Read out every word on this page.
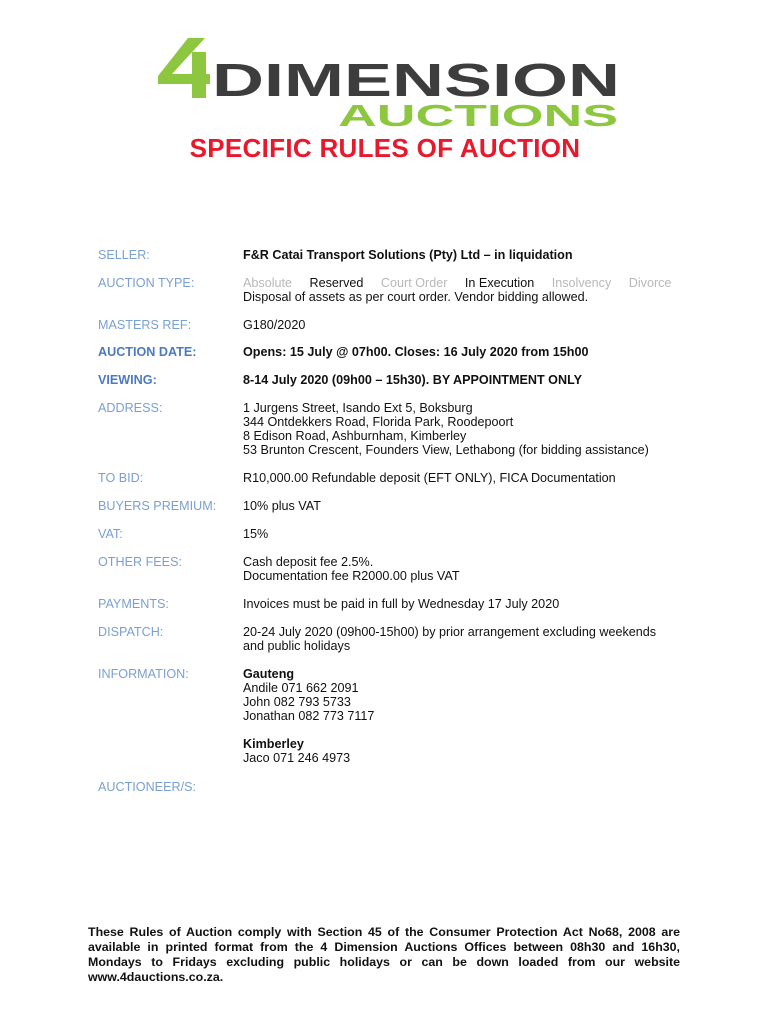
DIMENSION
AUCTIONS
SPECIFIC RULES OF AUCTION
SELLER:	F&R Catai Transport Solutions (Pty) Ltd – in liquidation
AUCTION TYPE:	Absolute Reserved Court Order In Execution Insolvency Divorce
Disposal of assets as per court order. Vendor bidding allowed.
MASTERS REF:	G180/2020
AUCTION DATE:	Opens: 15 July @ 07h00. Closes: 16 July 2020 from 15h00
VIEWING:	8-14 July 2020 (09h00 – 15h30). BY APPOINTMENT ONLY
ADDRESS:	1 Jurgens Street, Isando Ext 5, Boksburg
344 Ontdekkers Road, Florida Park, Roodepoort
8 Edison Road, Ashburnham, Kimberley
53 Brunton Crescent, Founders View, Lethabong (for bidding assistance)
TO BID:	R10,000.00 Refundable deposit (EFT ONLY), FICA Documentation
BUYERS PREMIUM:	10% plus VAT
VAT:	15%
OTHER FEES:	Cash deposit fee 2.5%.
Documentation fee R2000.00 plus VAT
PAYMENTS:	Invoices must be paid in full by Wednesday 17 July 2020
DISPATCH:	20-24 July 2020 (09h00-15h00) by prior arrangement excluding weekends
and public holidays
INFORMATION:	Gauteng
Andile 071 662 2091
John 082 793 5733
Jonathan 082 773 7117
Kimberley
Jaco 071 246 4973
AUCTIONEER/S:
These Rules of Auction comply with Section 45 of the Consumer Protection Act No68, 2008 are available in printed format from the 4 Dimension Auctions Offices between 08h30 and 16h30, Mondays to Fridays excluding public holidays or can be down loaded from our website www.4dauctions.co.za.
